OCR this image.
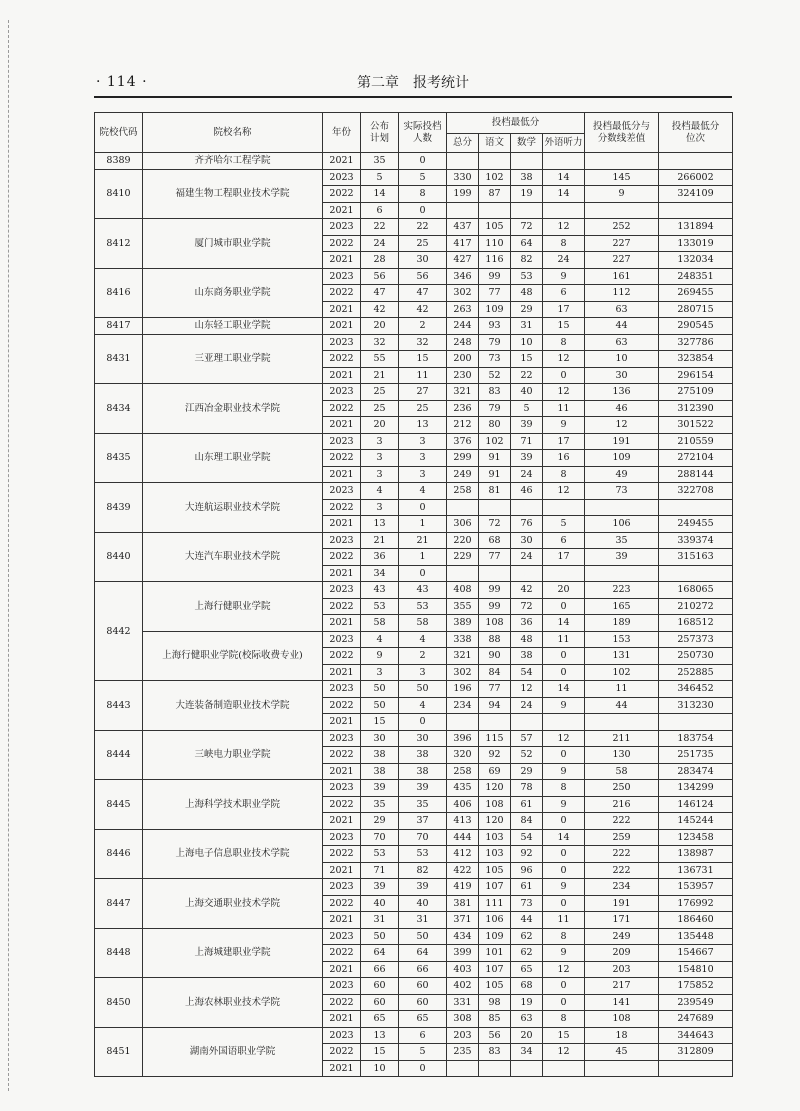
· 114 ·	第二章　报考统计
院校代码	院校名称	年份	公布计划	实际投档人数	投档最低分				投档最低分与分数线差值	投档最低分位次
					总分	语文	数学	外语听力		
8389	齐齐哈尔工程学院	2021	35	0						
8410	福建生物工程职业技术学院	2023	5	5	330	102	38	14	145	266002
		2022	14	8	199	87	19	14	9	324109
		2021	6	0						
8412	厦门城市职业学院	2023	22	22	437	105	72	12	252	131894
		2022	24	25	417	110	64	8	227	133019
		2021	28	30	427	116	82	24	227	132034
8416	山东商务职业学院	2023	56	56	346	99	53	9	161	248351
		2022	47	47	302	77	48	6	112	269455
		2021	42	42	263	109	29	17	63	280715
8417	山东轻工职业学院	2021	20	2	244	93	31	15	44	290545
8431	三亚理工职业学院	2023	32	32	248	79	10	8	63	327786
		2022	55	15	200	73	15	12	10	323854
		2021	21	11	230	52	22	0	30	296154
8434	江西冶金职业技术学院	2023	25	27	321	83	40	12	136	275109
		2022	25	25	236	79	5	11	46	312390
		2021	20	13	212	80	39	9	12	301522
8435	山东理工职业学院	2023	3	3	376	102	71	17	191	210559
		2022	3	3	299	91	39	16	109	272104
		2021	3	3	249	91	24	8	49	288144
8439	大连航运职业技术学院	2023	4	4	258	81	46	12	73	322708
		2022	3	0						
		2021	13	1	306	72	76	5	106	249455
8440	大连汽车职业技术学院	2023	21	21	220	68	30	6	35	339374
		2022	36	1	229	77	24	17	39	315163
		2021	34	0						
8442	上海行健职业学院	2023	43	43	408	99	42	20	223	168065
		2022	53	53	355	99	72	0	165	210272
		2021	58	58	389	108	36	14	189	168512
	上海行健职业学院(校际收费专业)	2023	4	4	338	88	48	11	153	257373
		2022	9	2	321	90	38	0	131	250730
		2021	3	3	302	84	54	0	102	252885
8443	大连装备制造职业技术学院	2023	50	50	196	77	12	14	11	346452
		2022	50	4	234	94	24	9	44	313230
		2021	15	0						
8444	三峡电力职业学院	2023	30	30	396	115	57	12	211	183754
		2022	38	38	320	92	52	0	130	251735
		2021	38	38	258	69	29	9	58	283474
8445	上海科学技术职业学院	2023	39	39	435	120	78	8	250	134299
		2022	35	35	406	108	61	9	216	146124
		2021	29	37	413	120	84	0	222	145244
8446	上海电子信息职业技术学院	2023	70	70	444	103	54	14	259	123458
		2022	53	53	412	103	92	0	222	138987
		2021	71	82	422	105	96	0	222	136731
8447	上海交通职业技术学院	2023	39	39	419	107	61	9	234	153957
		2022	40	40	381	111	73	0	191	176992
		2021	31	31	371	106	44	11	171	186460
8448	上海城建职业学院	2023	50	50	434	109	62	8	249	135448
		2022	64	64	399	101	62	9	209	154667
		2021	66	66	403	107	65	12	203	154810
8450	上海农林职业技术学院	2023	60	60	402	105	68	0	217	175852
		2022	60	60	331	98	19	0	141	239549
		2021	65	65	308	85	63	8	108	247689
8451	湖南外国语职业学院	2023	13	6	203	56	20	15	18	344643
		2022	15	5	235	83	34	12	45	312809
		2021	10	0						
